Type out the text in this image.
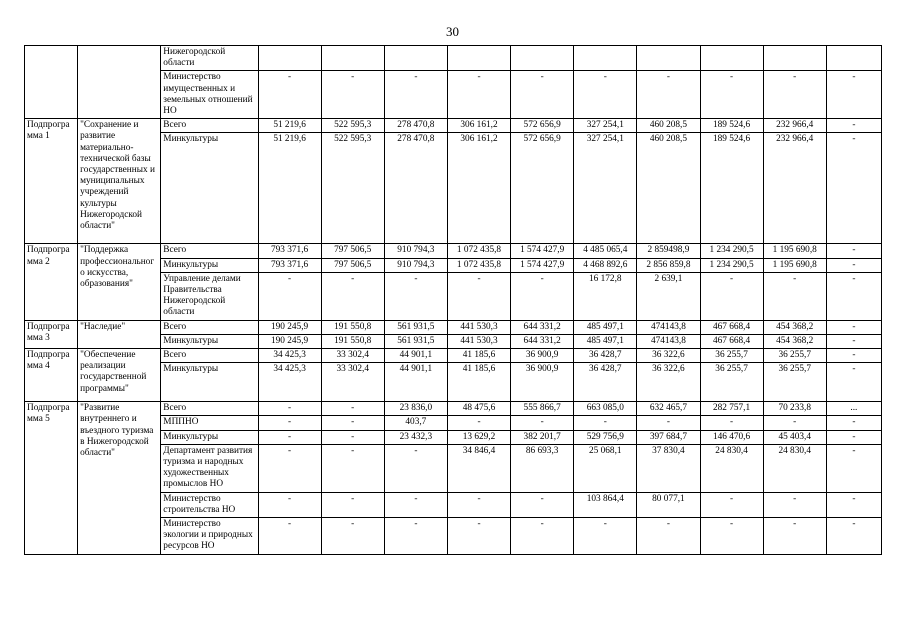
30
		Нижегородской области										
		Министерство имущественных и земельных отношений НО	-	-	-	-	-	-	-	-	-	-
Подпрограмма 1	"Сохранение и развитие материально-технической базы государственных и муниципальных учреждений культуры Нижегородской области"	Всего	51 219,6	522 595,3	278 470,8	306 161,2	572 656,9	327 254,1	460 208,5	189 524,6	232 966,4	-
		Минкультуры	51 219,6	522 595,3	278 470,8	306 161,2	572 656,9	327 254,1	460 208,5	189 524,6	232 966,4	-
Подпрограмма 2	"Поддержка профессионального искусства, образования"	Всего	793 371,6	797 506,5	910 794,3	1 072 435,8	1 574 427,9	4 485 065,4	2 859498,9	1 234 290,5	1 195 690,8	-
		Минкультуры	793 371,6	797 506,5	910 794,3	1 072 435,8	1 574 427,9	4 468 892,6	2 856 859,8	1 234 290,5	1 195 690,8	-
		Управление делами Правительства Нижегородской области	-	-	-	-	-	16 172,8	2 639,1	-	-	-
Подпрограмма 3	"Наследие"	Всего	190 245,9	191 550,8	561 931,5	441 530,3	644 331,2	485 497,1	474143,8	467 668,4	454 368,2	-
		Минкультуры	190 245,9	191 550,8	561 931,5	441 530,3	644 331,2	485 497,1	474143,8	467 668,4	454 368,2	-
Подпрограмма 4	"Обеспечение реализации государственной программы"	Всего	34 425,3	33 302,4	44 901,1	41 185,6	36 900,9	36 428,7	36 322,6	36 255,7	36 255,7	-
		Минкультуры	34 425,3	33 302,4	44 901,1	41 185,6	36 900,9	36 428,7	36 322,6	36 255,7	36 255,7	-
Подпрограмма 5	"Развитие внутреннего и въездного туризма в Нижегородской области"	Всего	-	-	23 836,0	48 475,6	555 866,7	663 085,0	632 465,7	282 757,1	70 233,8	...
		МППНО	-	-	403,7	-	-	-	-	-	-	-
		Минкультуры	-	-	23 432,3	13 629,2	382 201,7	529 756,9	397 684,7	146 470,6	45 403,4	-
		Департамент развития туризма и народных художественных промыслов НО	-	-	-	34 846,4	86 693,3	25 068,1	37 830,4	24 830,4	24 830,4	-
		Министерство строительства НО	-	-	-	-	-	103 864,4	80 077,1	-	-	-
		Министерство экологии и природных ресурсов НО	-	-	-	-	-	-	-	-	-	-
